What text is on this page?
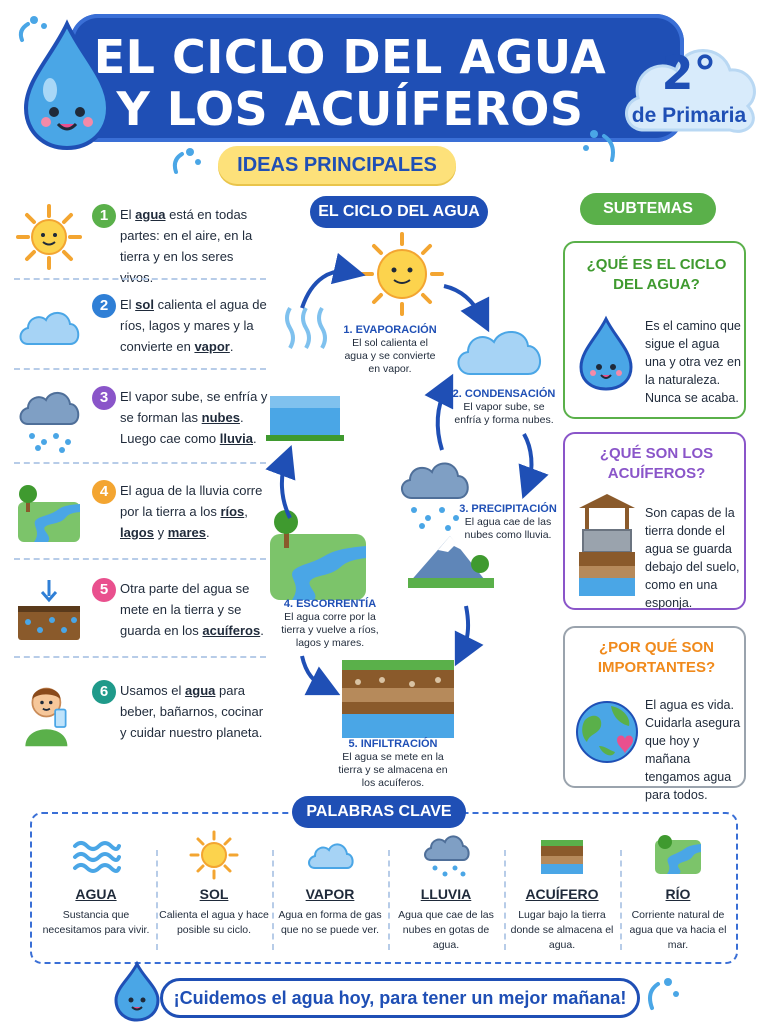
EL CICLO DEL AGUA
Y LOS ACUÍFEROS
2°
de Primaria
IDEAS PRINCIPALES
1 El agua está en todas partes: en el aire, en la tierra y en los seres vivos.
2 El sol calienta el agua de ríos, lagos y mares y la convierte en vapor.
3 El vapor sube, se enfría y se forman las nubes. Luego cae como lluvia.
4 El agua de la lluvia corre por la tierra a los ríos, lagos y mares.
5 Otra parte del agua se mete en la tierra y se guarda en los acuíferos.
6 Usamos el agua para beber, bañarnos, cocinar y cuidar nuestro planeta.
EL CICLO DEL AGUA
1. EVAPORACIÓN
El sol calienta el agua y se convierte en vapor.
2. CONDENSACIÓN
El vapor sube, se enfría y forma nubes.
3. PRECIPITACIÓN
El agua cae de las nubes como lluvia.
4. ESCORRENTÍA
El agua corre por la tierra y vuelve a ríos, lagos y mares.
5. INFILTRACIÓN
El agua se mete en la tierra y se almacena en los acuíferos.
SUBTEMAS
¿QUÉ ES EL CICLO DEL AGUA?
Es el camino que sigue el agua una y otra vez en la naturaleza. Nunca se acaba.
¿QUÉ SON LOS ACUÍFEROS?
Son capas de la tierra donde el agua se guarda debajo del suelo, como en una esponja.
¿POR QUÉ SON IMPORTANTES?
El agua es vida. Cuidarla asegura que hoy y mañana tengamos agua para todos.
PALABRAS CLAVE
AGUA
Sustancia que necesitamos para vivir.
SOL
Calienta el agua y hace posible su ciclo.
VAPOR
Agua en forma de gas que no se puede ver.
LLUVIA
Agua que cae de las nubes en gotas de agua.
ACUÍFERO
Lugar bajo la tierra donde se almacena el agua.
RÍO
Corriente natural de agua que va hacia el mar.
¡Cuidemos el agua hoy, para tener un mejor mañana!
